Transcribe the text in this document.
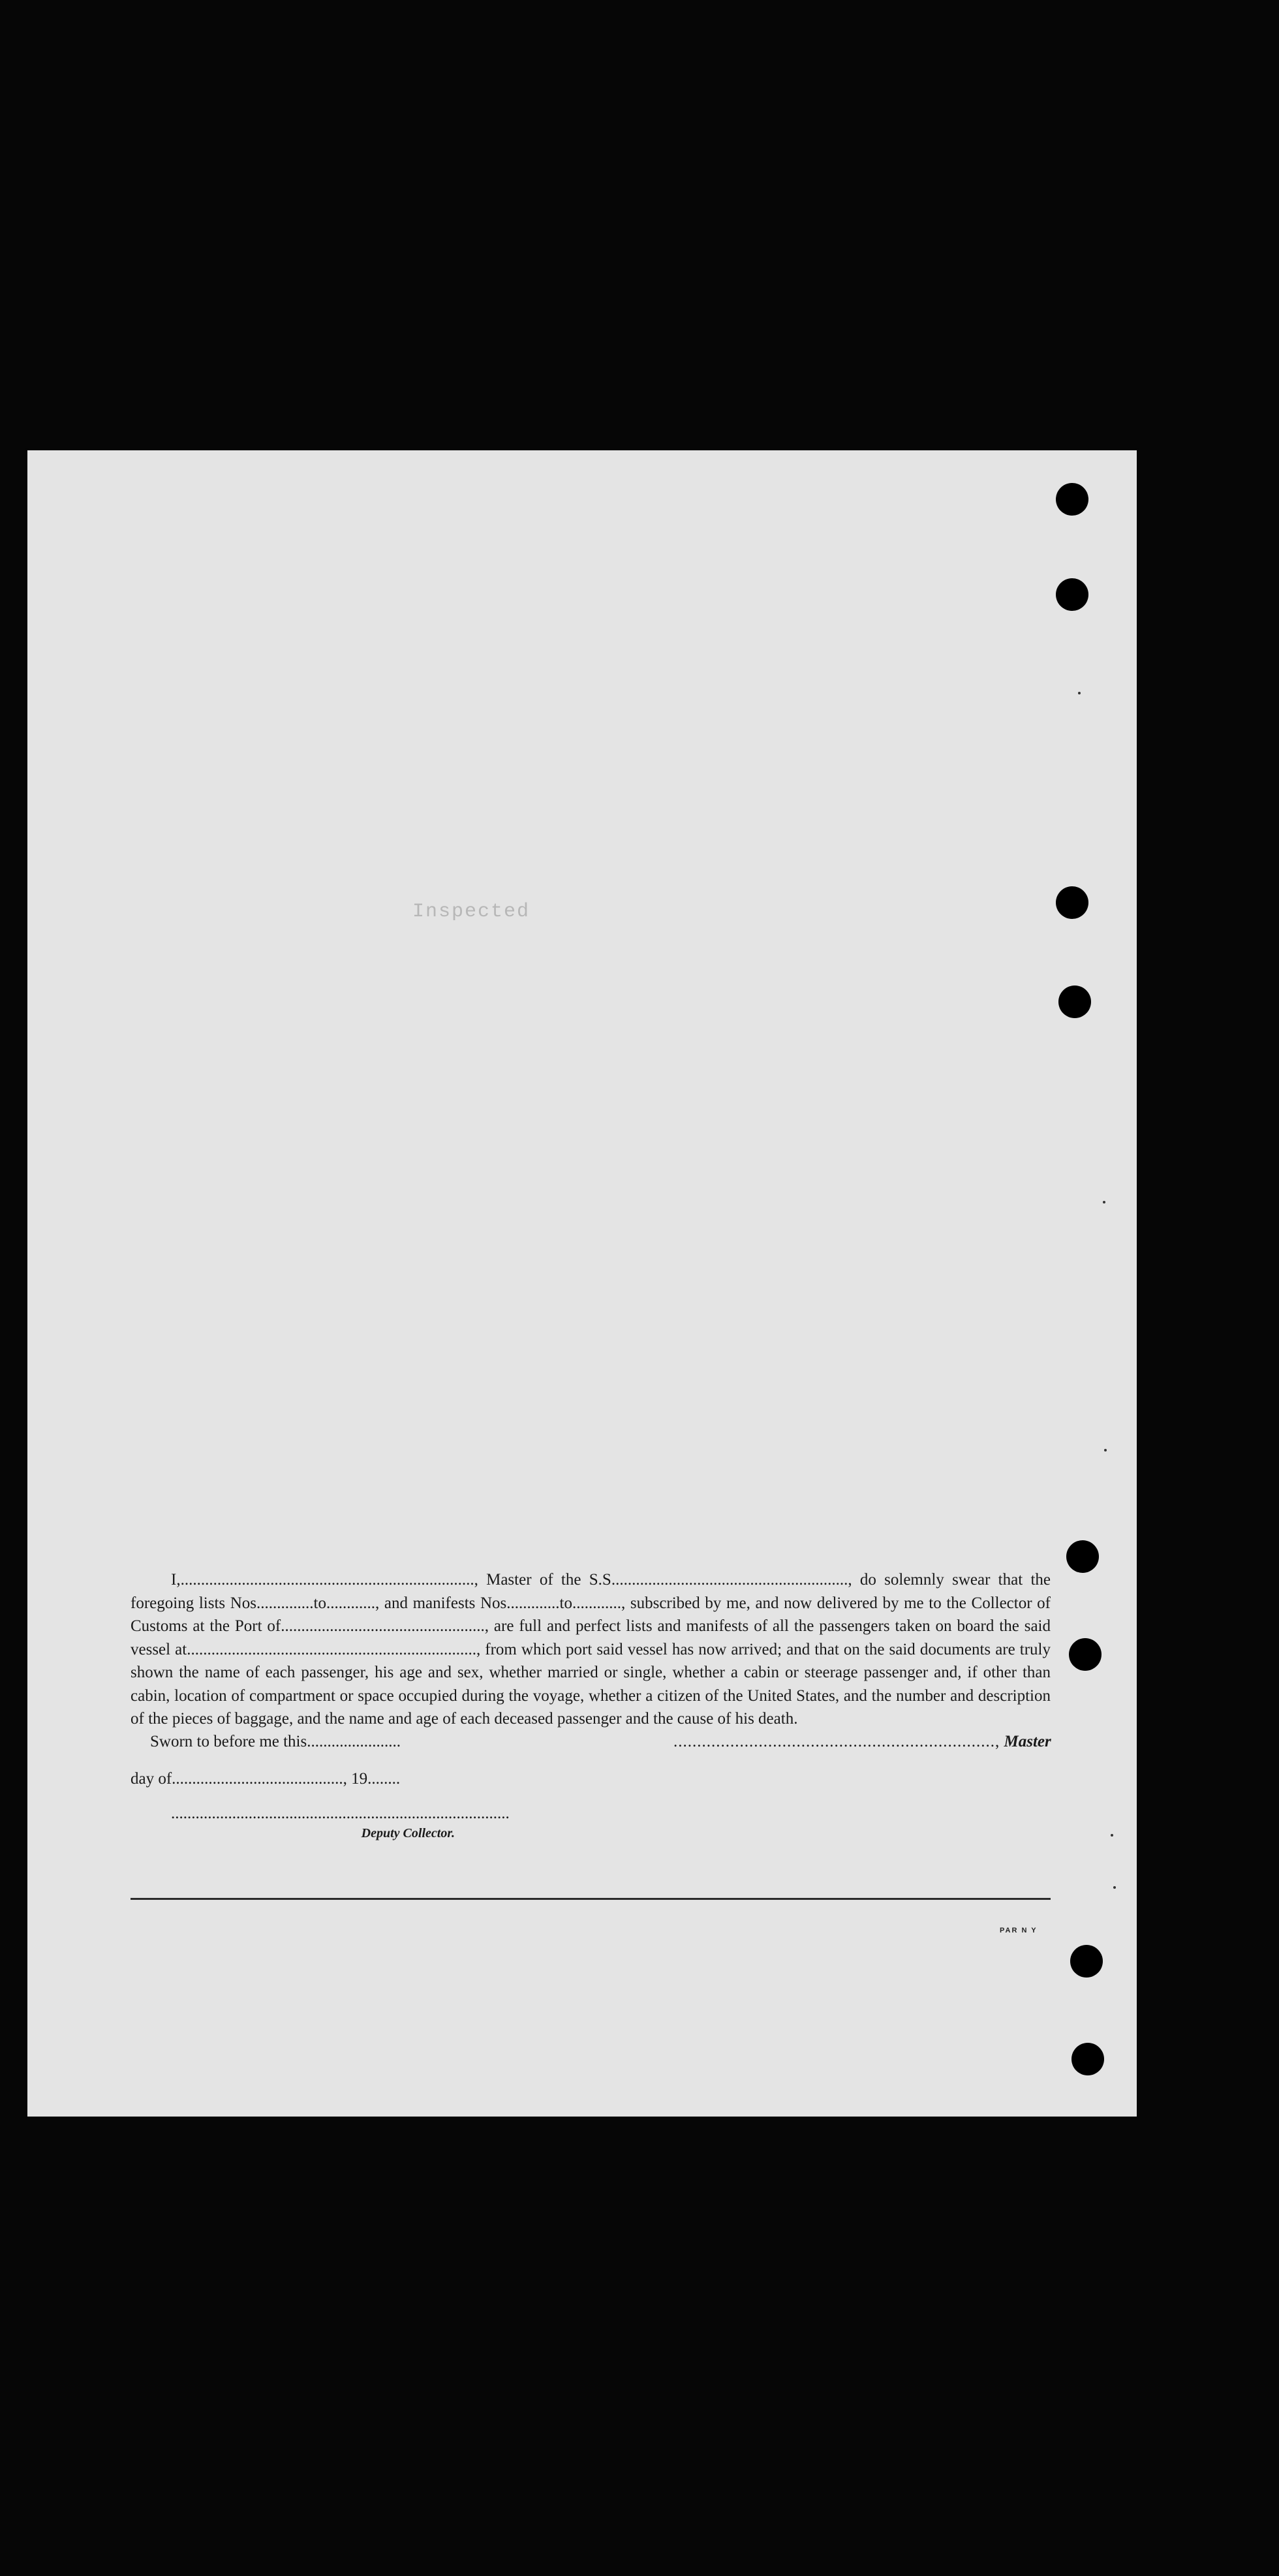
Inspected
I,........................................................................, Master of the S.S.........................................................., do solemnly swear that the foregoing lists Nos..............to............, and manifests Nos.............to............, subscribed by me, and now delivered by me to the Collector of Customs at the Port of.................................................., are full and perfect lists and manifests of all the passengers taken on board the said vessel at......................................................................., from which port said vessel has now arrived; and that on the said documents are truly shown the name of each passenger, his age and sex, whether married or single, whether a cabin or steerage passenger and, if other than cabin, location of compartment or space occupied during the voyage, whether a citizen of the United States, and the number and description of the pieces of baggage, and the name and age of each deceased passenger and the cause of his death.
Sworn to before me this.......................	...................................................................., Master
day of.........................................., 19........
...................................................................................
Deputy Collector.
PAR N Y
